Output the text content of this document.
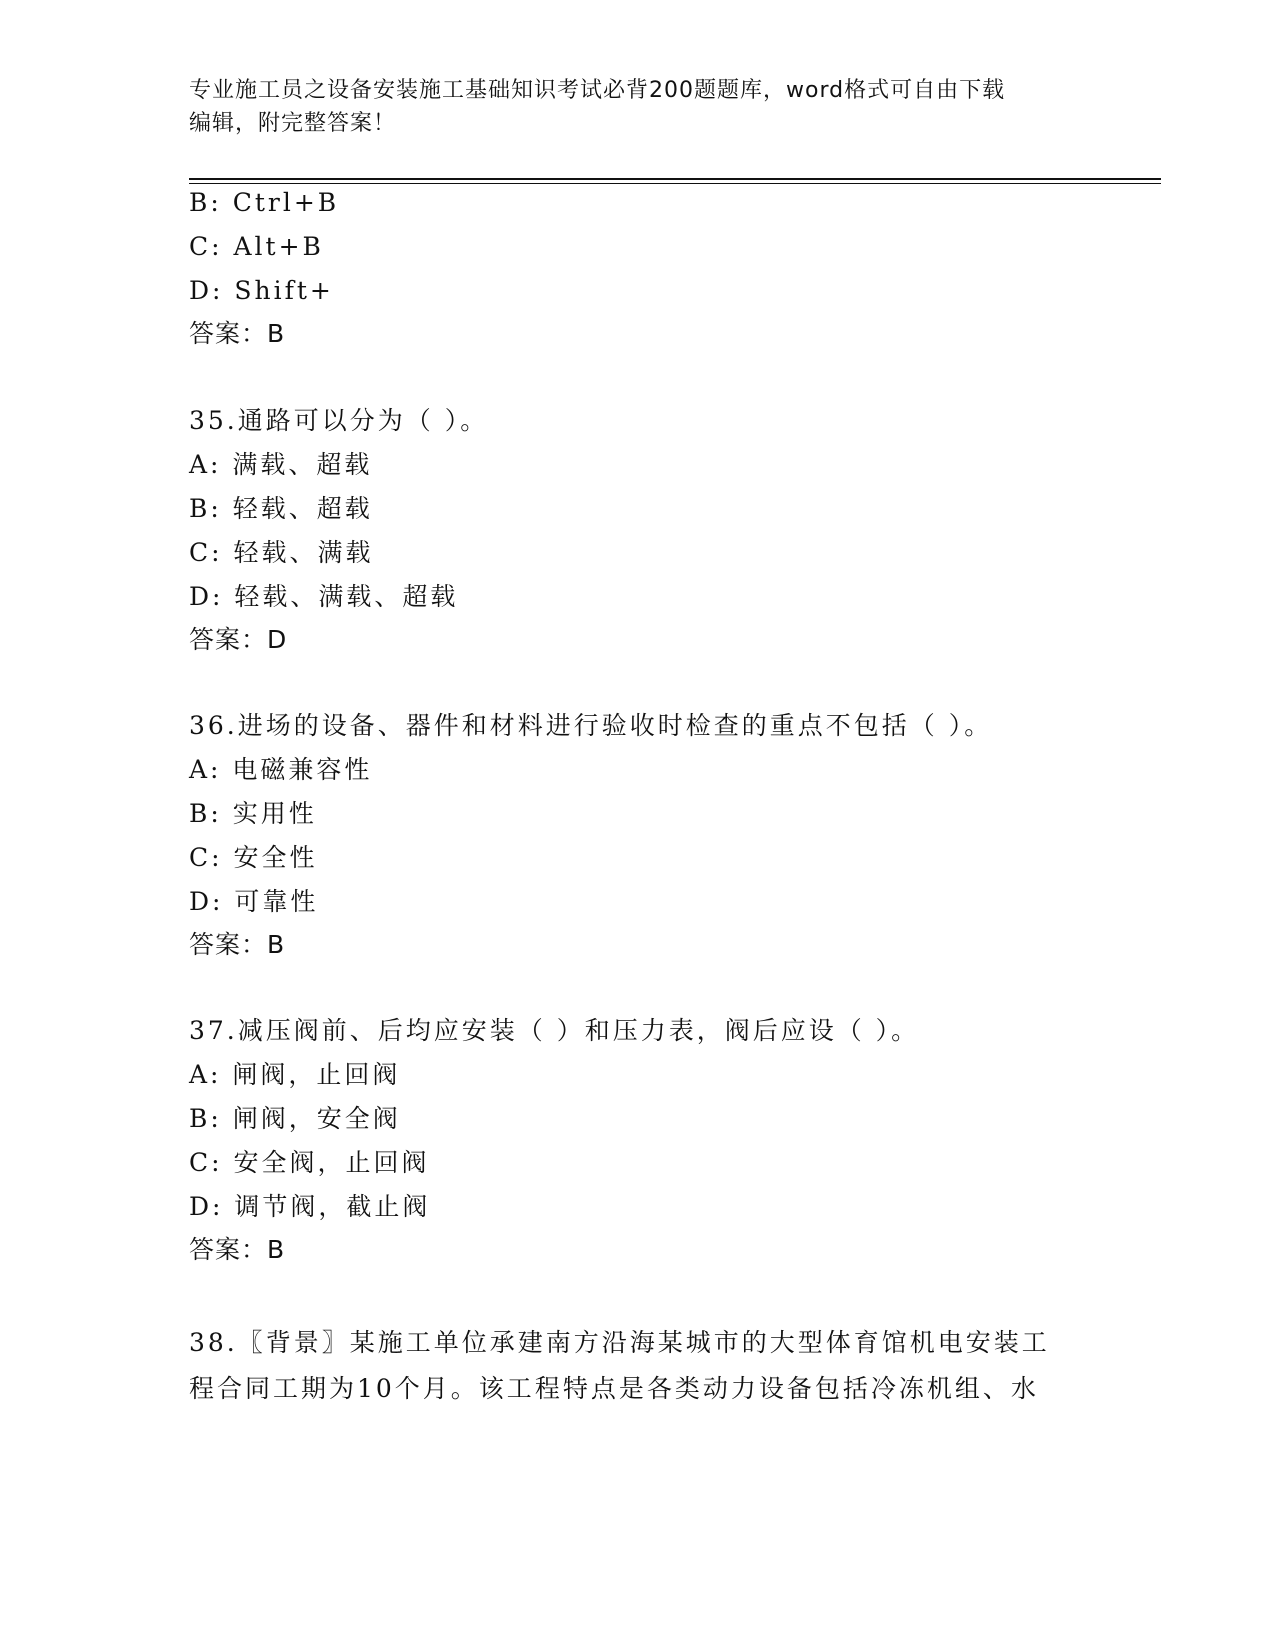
专业施工员之设备安装施工基础知识考试必背200题题库，word格式可自由下载
编辑，附完整答案！
B: Ctrl+B
C: Alt+B
D: Shift+
答案：B
35.通路可以分为（ ）。
A: 满载、超载
B: 轻载、超载
C: 轻载、满载
D: 轻载、满载、超载
答案：D
36.进场的设备、器件和材料进行验收时检查的重点不包括（ ）。
A: 电磁兼容性
B: 实用性
C: 安全性
D: 可靠性
答案：B
37.减压阀前、后均应安装（ ）和压力表，阀后应设（ ）。
A: 闸阀，止回阀
B: 闸阀，安全阀
C: 安全阀，止回阀
D: 调节阀，截止阀
答案：B
38.〖背景〗某施工单位承建南方沿海某城市的大型体育馆机电安装工
程合同工期为10个月。该工程特点是各类动力设备包括冷冻机组、水
